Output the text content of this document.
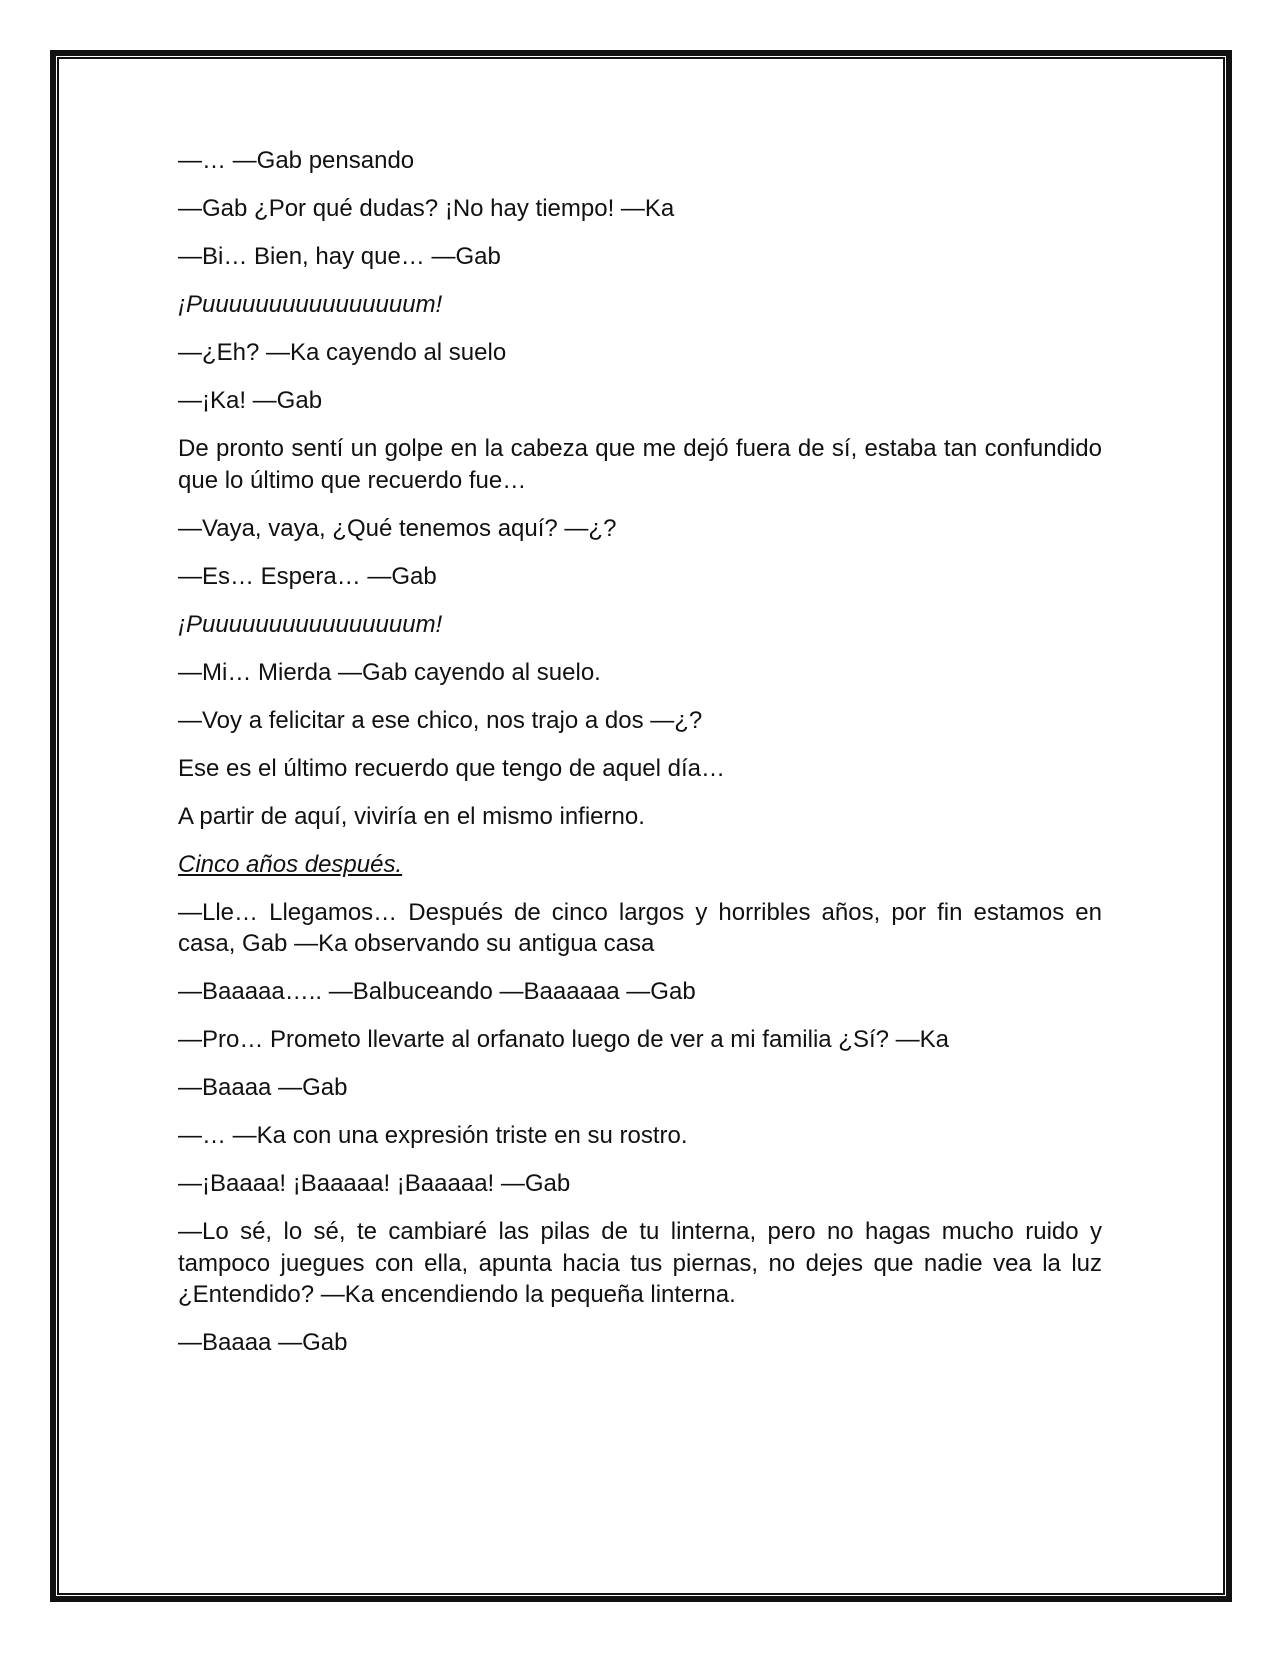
—… —Gab pensando

—Gab ¿Por qué dudas? ¡No hay tiempo! —Ka

—Bi… Bien, hay que… —Gab

¡Puuuuuuuuuuuuuuuum!

—¿Eh? —Ka cayendo al suelo

—¡Ka! —Gab

De pronto sentí un golpe en la cabeza que me dejó fuera de sí, estaba tan confundido que lo último que recuerdo fue…

—Vaya, vaya, ¿Qué tenemos aquí? —¿?

—Es… Espera… —Gab

¡Puuuuuuuuuuuuuuuum!

—Mi… Mierda —Gab cayendo al suelo.

—Voy a felicitar a ese chico, nos trajo a dos —¿?

Ese es el último recuerdo que tengo de aquel día…

A partir de aquí, viviría en el mismo infierno.

Cinco años después.

—Lle… Llegamos… Después de cinco largos y horribles años, por fin estamos en casa, Gab —Ka observando su antigua casa

—Baaaaa….. —Balbuceando —Baaaaaa —Gab

—Pro… Prometo llevarte al orfanato luego de ver a mi familia ¿Sí? —Ka

—Baaaa —Gab

—… —Ka con una expresión triste en su rostro.

—¡Baaaa! ¡Baaaaa! ¡Baaaaa! —Gab

—Lo sé, lo sé, te cambiaré las pilas de tu linterna, pero no hagas mucho ruido y tampoco juegues con ella, apunta hacia tus piernas, no dejes que nadie vea la luz ¿Entendido? —Ka encendiendo la pequeña linterna.

—Baaaa —Gab
